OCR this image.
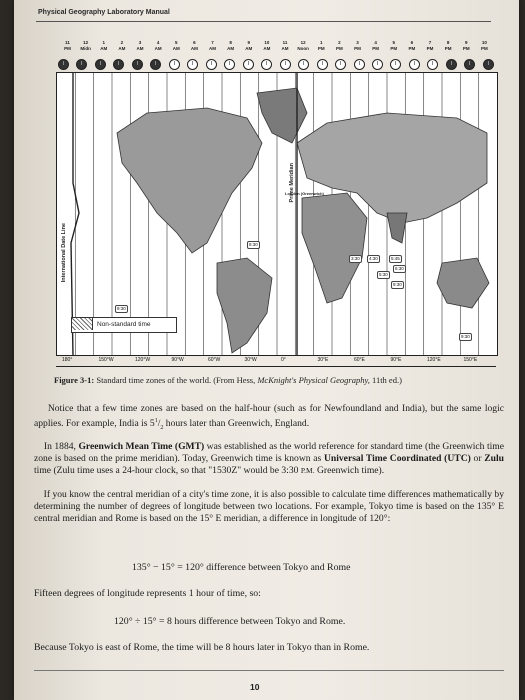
Physical Geography Laboratory Manual
11
PM
12
Midn
1
AM
2
AM
3
AM
4
AM
5
AM
6
AM
7
AM
8
AM
9
AM
10
AM
11
AM
12
Noon
1
PM
2
PM
3
PM
4
PM
5
PM
6
PM
7
PM
8
PM
9
PM
10
PM
Prime Meridian
International Date Line
London (Greenwich)
8:30
3:30	4:30
5:30
5:45
6:30
9:30
9:30
9:30
Non-standard time
180°	150°W	120°W	90°W	60°W	30°W	0°	30°E	60°E	90°E	120°E	150°E
Figure 3-1: Standard time zones of the world. (From Hess, McKnight's Physical Geography, 11th ed.)
Notice that a few time zones are based on the half-hour (such as for Newfoundland and India), but the same logic applies. For example, India is $5^1/_2$ hours later than Greenwich, England.
In 1884, Greenwich Mean Time (GMT) was established as the world reference for standard time (the Greenwich time zone is based on the prime meridian). Today, Greenwich time is known as Universal Time Coordinated (UTC) or Zulu time (Zulu time uses a 24-hour clock, so that "1530Z" would be 3:30 P.M. Greenwich time).
If you know the central meridian of a city's time zone, it is also possible to calculate time differences mathematically by determining the number of degrees of longitude between two locations. For example, Tokyo time is based on the 135° E central meridian and Rome is based on the 15° E meridian, a difference in longitude of 120°:
135° − 15° = 120° difference between Tokyo and Rome
Fifteen degrees of longitude represents 1 hour of time, so:
120° ÷ 15° = 8 hours difference between Tokyo and Rome.
Because Tokyo is east of Rome, the time will be 8 hours later in Tokyo than in Rome.
10
